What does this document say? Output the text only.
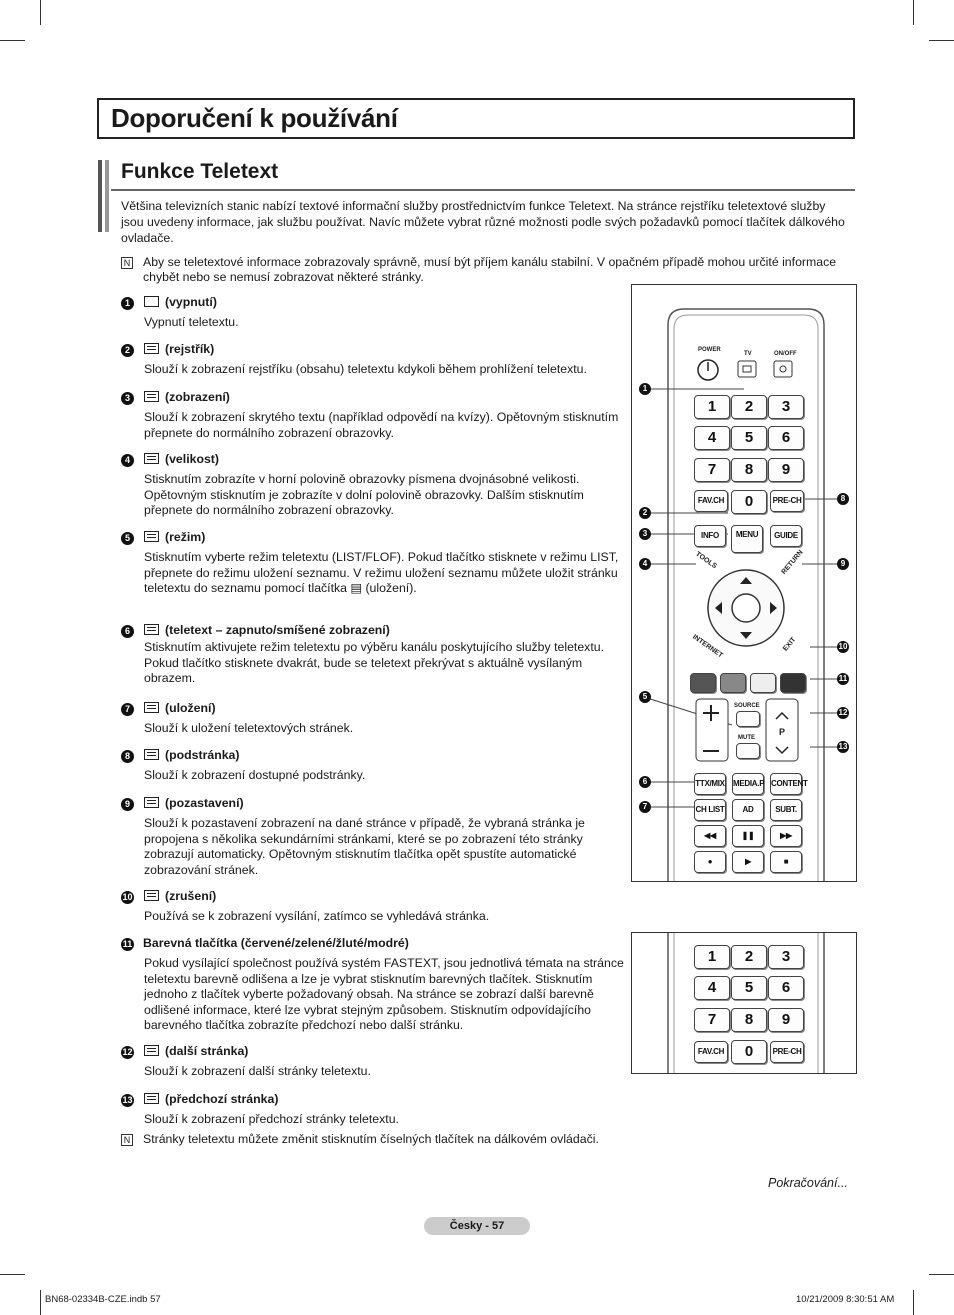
Doporučení k používání
Funkce Teletext
Většina televizních stanic nabízí textové informační služby prostřednictvím funkce Teletext. Na stránce rejstříku teletextové služby jsou uvedeny informace, jak službu používat. Navíc můžete vybrat různé možnosti podle svých požadavků pomocí tlačítek dálkového ovladače.
N Aby se teletextové informace zobrazovaly správně, musí být příjem kanálu stabilní. V opačném případě mohou určité informace chybět nebo se nemusí zobrazovat některé stránky.
1	(vypnutí)
Vypnutí teletextu.
2	(rejstřík)
Slouží k zobrazení rejstříku (obsahu) teletextu kdykoli během prohlížení teletextu.
3	(zobrazení)
Slouží k zobrazení skrytého textu (například odpovědí na kvízy). Opětovným stisknutím přepnete do normálního zobrazení obrazovky.
4	(velikost)
Stisknutím zobrazíte v horní polovině obrazovky písmena dvojnásobné velikosti. Opětovným stisknutím je zobrazíte v dolní polovině obrazovky. Dalším stisknutím přepnete do normálního zobrazení obrazovky.
5	(režim)
Stisknutím vyberte režim teletextu (LIST/FLOF). Pokud tlačítko stisknete v režimu LIST, přepnete do režimu uložení seznamu. V režimu uložení seznamu můžete uložit stránku teletextu do seznamu pomocí tlačítka ▤ (uložení).
6	(teletext – zapnuto/smíšené zobrazení)
Stisknutím aktivujete režim teletextu po výběru kanálu poskytujícího služby teletextu. Pokud tlačítko stisknete dvakrát, bude se teletext překrývat s aktuálně vysílaným obrazem.
7	(uložení)
Slouží k uložení teletextových stránek.
8	(podstránka)
Slouží k zobrazení dostupné podstránky.
9	(pozastavení)
Slouží k pozastavení zobrazení na dané stránce v případě, že vybraná stránka je propojena s několika sekundárními stránkami, které se po zobrazení této stránky zobrazují automaticky. Opětovným stisknutím tlačítka opět spustíte automatické zobrazování stránek.
10	(zrušení)
Používá se k zobrazení vysílání, zatímco se vyhledává stránka.
11 Barevná tlačítka (červené/zelené/žluté/modré)
Pokud vysílající společnost používá systém FASTEXT, jsou jednotlivá témata na stránce teletextu barevně odlišena a lze je vybrat stisknutím barevných tlačítek. Stisknutím jednoho z tlačítek vyberte požadovaný obsah. Na stránce se zobrazí další barevně odlišené informace, které lze vybrat stejným způsobem. Stisknutím odpovídajícího barevného tlačítka zobrazíte předchozí nebo další stránku.
12	(další stránka)
Slouží k zobrazení další stránky teletextu.
13	(předchozí stránka)
Slouží k zobrazení předchozí stránky teletextu.
N Stránky teletextu můžete změnit stisknutím číselných tlačítek na dálkovém ovládači.
POWER
TV	ON/OFF
1	2	3
4	5	6
7	8	9
FAV.CH	0	PRE-CH
INFO	MENU	GUIDE
TOOLS	RETURN
INTERNET	EXIT
SOURCE
MUTE
P
TTX/MIX MEDIA.P CONTENT
CH LIST	AD	SUBT.
◀◀	❚❚	▶▶
●	▶	■
1
2
3
4
5
6
7
8
9
10
11
12
13
1	2	3
4	5	6
7	8	9
FAV.CH	0	PRE-CH
Pokračování...
Česky - 57
BN68-02334B-CZE.indb 57	10/21/2009 8:30:51 AM
